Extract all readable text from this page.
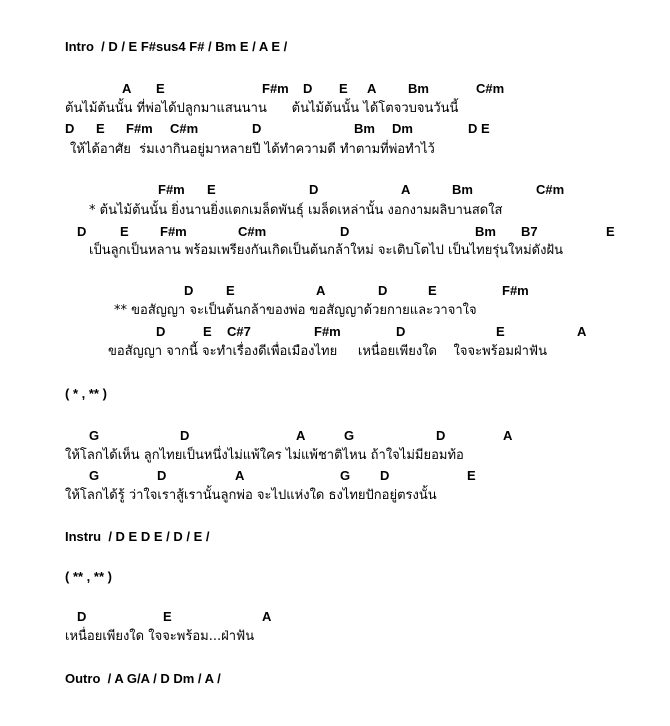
Intro  / D / E F#sus4 F# / Bm E / A E /
A E	F#m D E A Bm	C#m
ต้นไม้ต้นนั้น ที่พ่อได้ปลูกมาแสนนาน      ต้นไม้ต้นนั้น ได้โตจวบจนวันนี้
D E F#m C#m	D	Bm Dm	D E
ให้ได้อาศัย  ร่มเงากินอยู่มาหลายปี ได้ทำความดี ทำตามที่พ่อทำไว้
F#m E	D	A	Bm	C#m
* ต้นไม้ต้นนั้น ยิ่งนานยิ่งแตกเมล็ดพันธุ์ เมล็ดเหล่านั้น งอกงามผลิบานสดใส
D	E F#m	C#m	D	Bm B7	E
เป็นลูกเป็นหลาน พร้อมเพรียงกันเกิดเป็นต้นกล้าใหม่ จะเติบโตไป เป็นไทยรุ่นใหม่ดังฝัน
D	E	A	D	E	F#m
** ขอสัญญา จะเป็นต้นกล้าของพ่อ ขอสัญญาด้วยกายและวาจาใจ
D	E C#7	F#m	D	E	A
ขอสัญญา จากนี้ จะทำเรื่องดีเพื่อเมืองไทย     เหนื่อยเพียงใด    ใจจะพร้อมฝ่าฟัน
( * , ** )
G	D	A	G	D	A
ให้โลกได้เห็น ลูกไทยเป็นหนึ่งไม่แพ้ใคร ไม่แพ้ชาติไหน ถ้าใจไม่มียอมท้อ
G	D	A	G D	E
ให้โลกได้รู้ ว่าใจเราสู้เรานั้นลูกพ่อ จะไปแห่งใด ธงไทยปักอยู่ตรงนั้น
Instru  / D E D E / D / E /
( ** , ** )
D	E	A
เหนื่อยเพียงใด ใจจะพร้อม...ฝ่าฟัน
Outro  / A G/A / D Dm / A /
